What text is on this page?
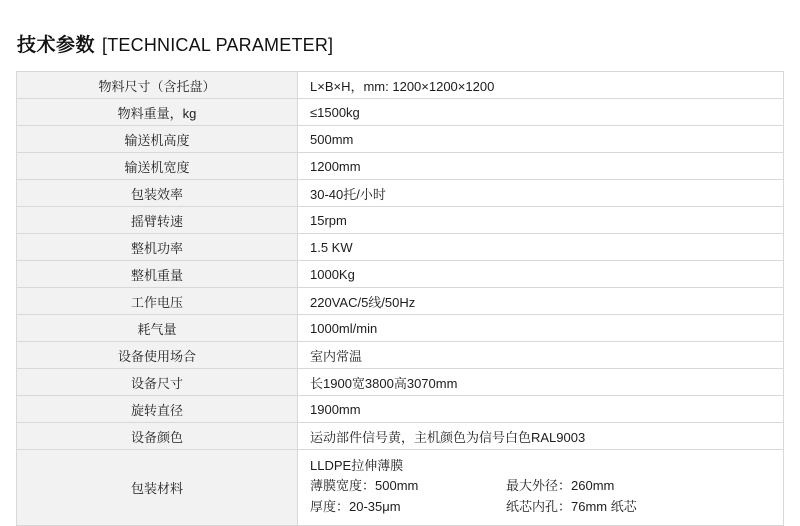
技术参数 [TECHNICAL PARAMETER]
物料尺寸（含托盘）	L×B×H，mm: 1200×1200×1200
物料重量，kg	≤1500kg
输送机高度	500mm
输送机宽度	1200mm
包装效率	30-40托/小时
摇臂转速	15rpm
整机功率	1.5 KW
整机重量	1000Kg
工作电压	220VAC/5线/50Hz
耗气量	1000ml/min
设备使用场合	室内常温
设备尺寸	长1900宽3800高3070mm
旋转直径	1900mm
设备颜色	运动部件信号黄，主机颜色为信号白色RAL9003
包装材料	LLDPE拉伸薄膜
薄膜宽度：500mm 最大外径：260mm
厚度：20-35μm 纸芯内孔：76mm 纸芯
